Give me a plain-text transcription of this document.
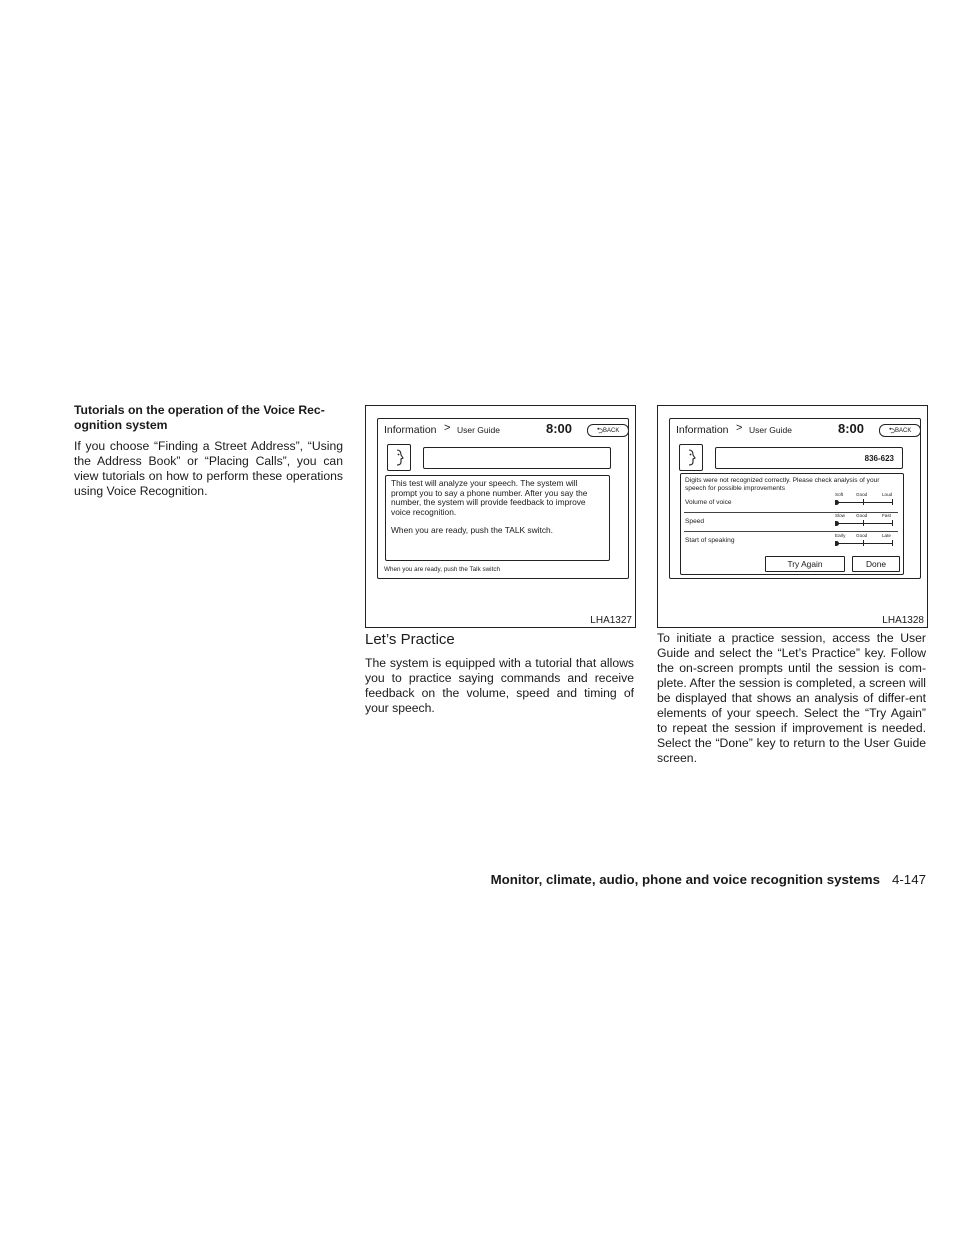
Tutorials on the operation of the Voice Rec-ognition system
If you choose “Finding a Street Address”, “Using the Address Book” or “Placing Calls”, you can view tutorials on how to perform these operations using Voice Recognition.
Information > User Guide	8:00	⮌BACK
This test will analyze your speech. The system will prompt you to say a phone number. After you say the number, the system will provide feedback to improve voice recognition.
When you are ready, push the TALK switch.
When you are ready, push the Talk switch
LHA1327
Information > User Guide	8:00	⮌BACK
836-623
Digits were not recognized correctly. Please check analysis of your speech for possible improvements
Volume of voice
Soft	Good	Loud
Speed
Slow Good	Fast
Start of speaking
Early Good	Late
Try Again	Done
LHA1328
Let’s Practice
The system is equipped with a tutorial that allows you to practice saying commands and receive feedback on the volume, speed and timing of your speech.
To initiate a practice session, access the User Guide and select the “Let’s Practice” key. Follow the on-screen prompts until the session is com-plete. After the session is completed, a screen will be displayed that shows an analysis of differ-ent elements of your speech. Select the “Try Again” to repeat the session if improvement is needed. Select the “Done” key to return to the User Guide screen.
Monitor, climate, audio, phone and voice recognition systems 4-147
